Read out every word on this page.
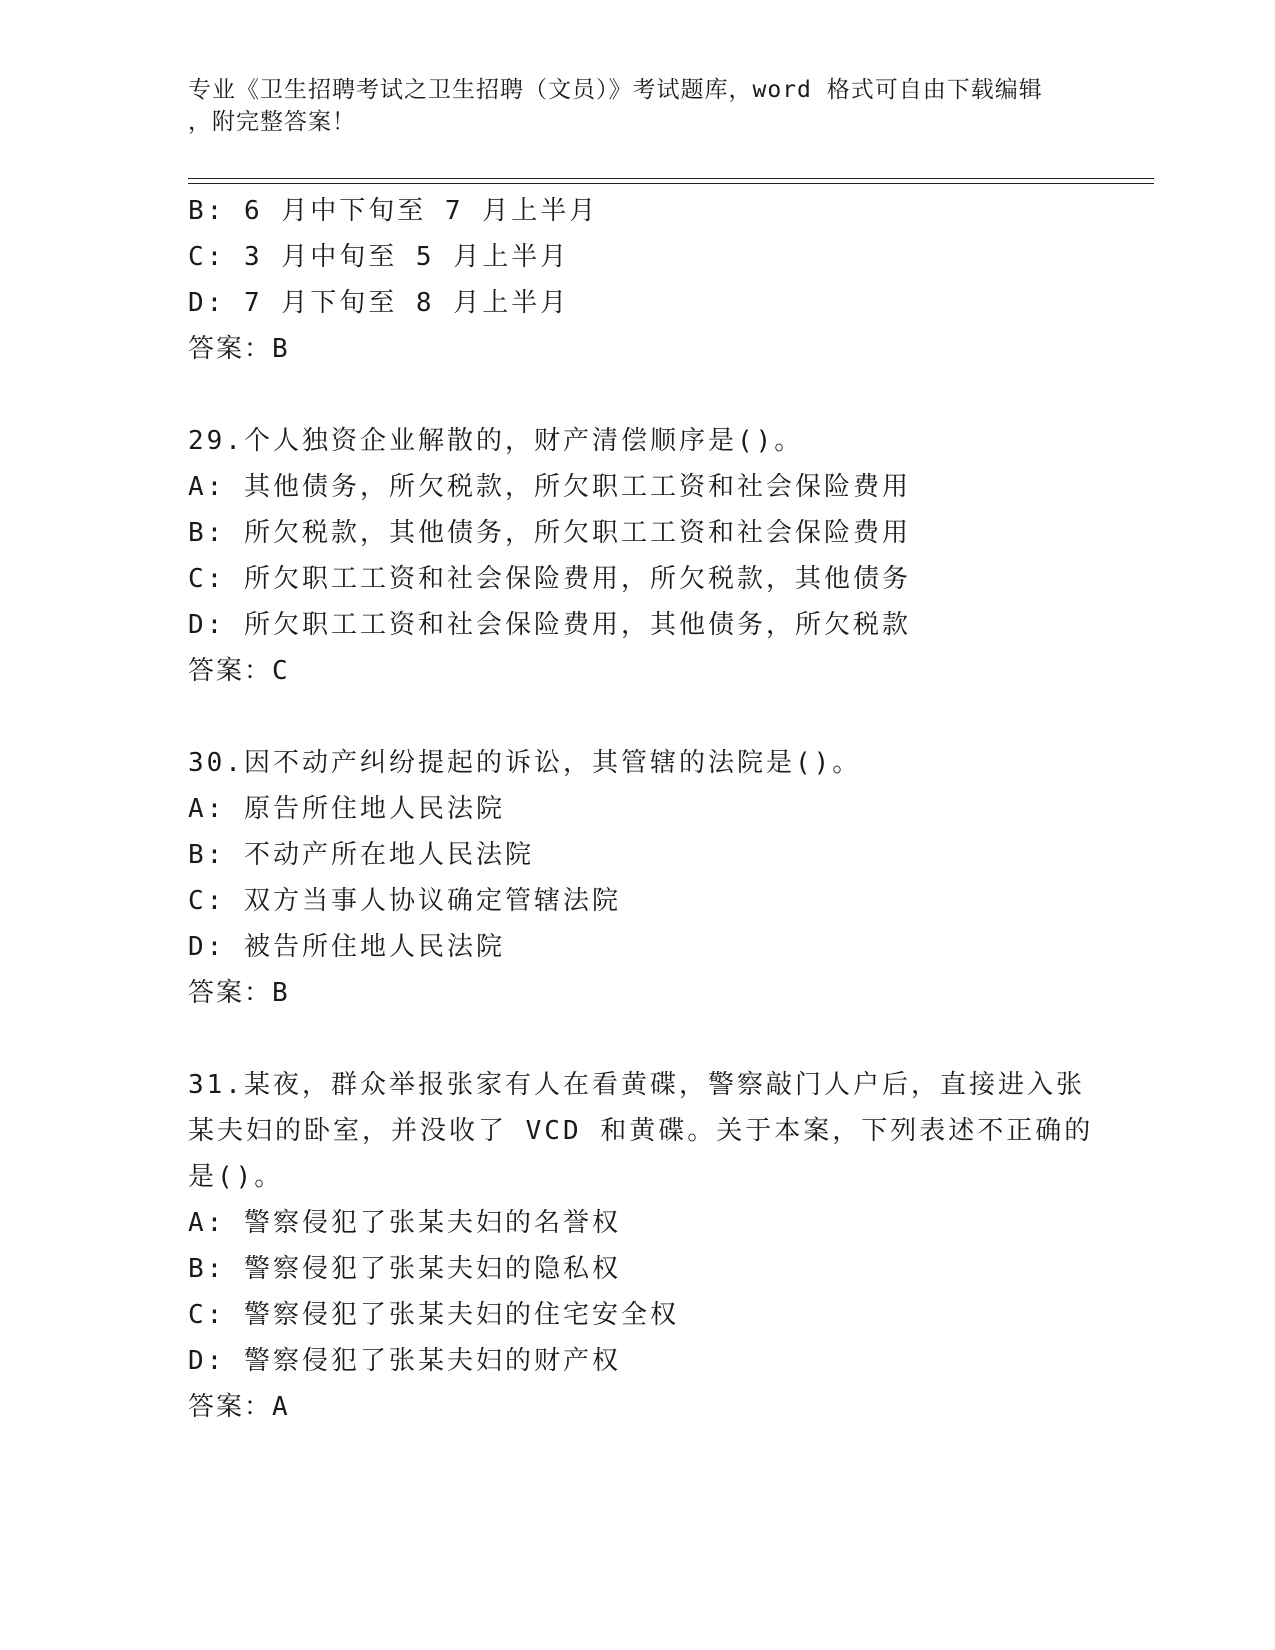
专业《卫生招聘考试之卫生招聘（文员）》考试题库，word 格式可自由下载编辑
，附完整答案！
B: 6 月中下旬至 7 月上半月
C: 3 月中旬至 5 月上半月
D: 7 月下旬至 8 月上半月
答案：B
29.个人独资企业解散的，财产清偿顺序是()。
A: 其他债务，所欠税款，所欠职工工资和社会保险费用
B: 所欠税款，其他债务，所欠职工工资和社会保险费用
C: 所欠职工工资和社会保险费用，所欠税款，其他债务
D: 所欠职工工资和社会保险费用，其他债务，所欠税款
答案：C
30.因不动产纠纷提起的诉讼，其管辖的法院是()。
A: 原告所住地人民法院
B: 不动产所在地人民法院
C: 双方当事人协议确定管辖法院
D: 被告所住地人民法院
答案：B
31.某夜，群众举报张家有人在看黄碟，警察敲门人户后，直接进入张
某夫妇的卧室，并没收了 VCD 和黄碟。关于本案，下列表述不正确的
是()。
A: 警察侵犯了张某夫妇的名誉权
B: 警察侵犯了张某夫妇的隐私权
C: 警察侵犯了张某夫妇的住宅安全权
D: 警察侵犯了张某夫妇的财产权
答案：A
